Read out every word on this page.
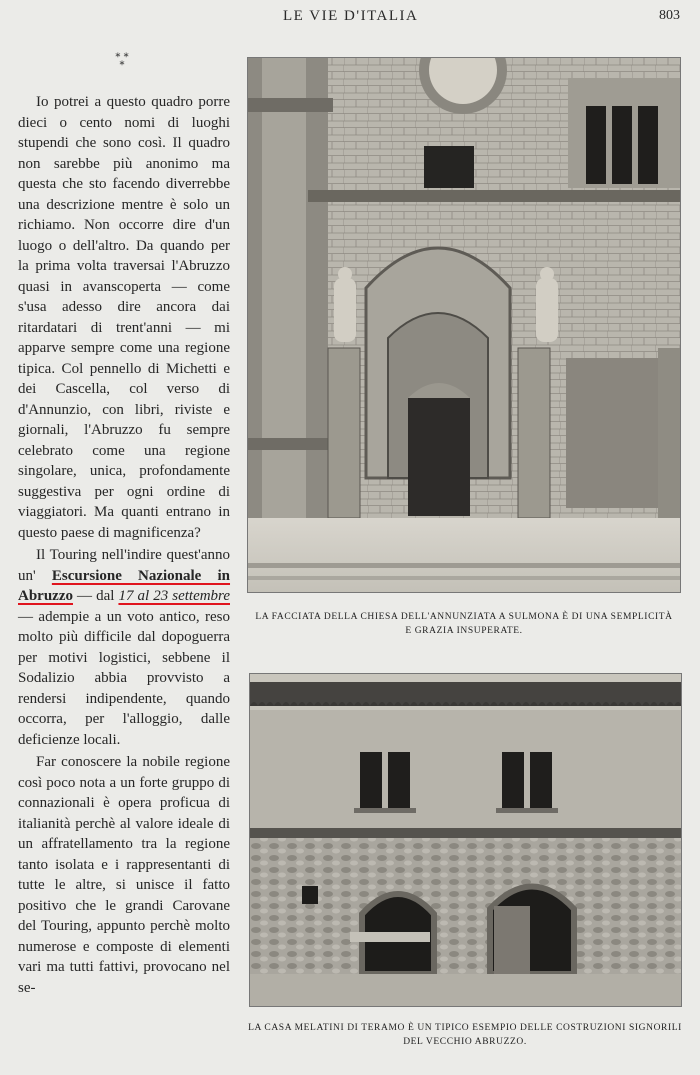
LE VIE D'ITALIA	803
* *
*

Io potrei a questo quadro porre dieci o cento nomi di luoghi stupendi che sono così. Il quadro non sarebbe più anonimo ma questa che sto facendo diverrebbe una descrizione mentre è solo un richiamo. Non occorre dire d'un luogo o dell'altro. Da quando per la prima volta traversai l'Abruzzo quasi in avanscoperta — come s'usa adesso dire ancora dai ritardatari di trent'anni — mi apparve sempre come una regione tipica. Col pennello di Michetti e dei Cascella, col verso di d'Annunzio, con libri, riviste e giornali, l'Abruzzo fu sempre celebrato come una regione singolare, unica, profondamente suggestiva per ogni ordine di viaggiatori. Ma quanti entrano in questo paese di magnificenza?

Il Touring nell'indire quest'anno un' Escursione Nazionale in Abruzzo — dal 17 al 23 settembre — adempie a un voto antico, reso molto più difficile dal dopoguerra per motivi logistici, sebbene il Sodalizio abbia provvisto a rendersi indipendente, quando occorra, per l'alloggio, dalle deficienze locali.

Far conoscere la nobile regione così poco nota a un forte gruppo di connazionali è opera proficua di italianità perchè al valore ideale di un affratellamento tra la regione tanto isolata e i rappresentanti di tutte le altre, si unisce il fatto positivo che le grandi Carovane del Touring, appunto perchè molto numerose e composte di elementi vari ma tutti fattivi, provocano nel se-

LA FACCIATA DELLA CHIESA DELL'ANNUNZIATA A SULMONA È DI UNA SEMPLICITÀ E GRAZIA INSUPERATE.
LA CASA MELATINI DI TERAMO È UN TIPICO ESEMPIO DELLE COSTRUZIONI SIGNORILI DEL VECCHIO ABRUZZO.
